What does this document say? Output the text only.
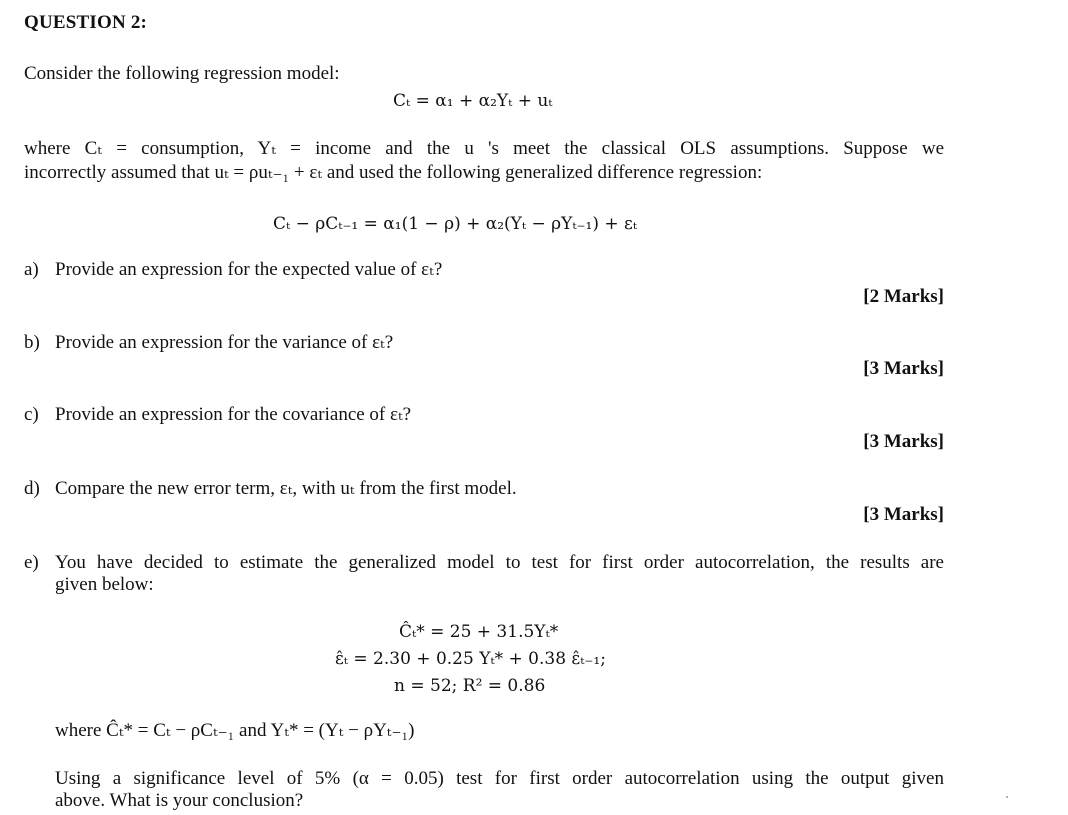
QUESTION 2:
Consider the following regression model:
Cₜ = α₁ + α₂Yₜ + uₜ
where Cₜ = consumption, Yₜ = income and the u 's meet the classical OLS assumptions. Suppose we
incorrectly assumed that uₜ = ρuₜ₋₁ + εₜ and used the following generalized difference regression:
Cₜ − ρCₜ₋₁ = α₁(1 − ρ) + α₂(Yₜ − ρYₜ₋₁) + εₜ
a) Provide an expression for the expected value of εₜ?
[2 Marks]
b) Provide an expression for the variance of εₜ?
[3 Marks]
c) Provide an expression for the covariance of εₜ?
[3 Marks]
d) Compare the new error term, εₜ, with uₜ from the first model.
[3 Marks]
e) You have decided to estimate the generalized model to test for first order autocorrelation, the results are
given below:
Ĉₜ* = 25 + 31.5Yₜ*
ε̂ₜ = 2.30 + 0.25 Yₜ* + 0.38 ε̂ₜ₋₁;
n = 52; R² = 0.86
where Ĉₜ* = Cₜ − ρCₜ₋₁ and Yₜ* = (Yₜ − ρYₜ₋₁)
Using a significance level of 5% (α = 0.05) test for first order autocorrelation using the output given
above. What is your conclusion?
